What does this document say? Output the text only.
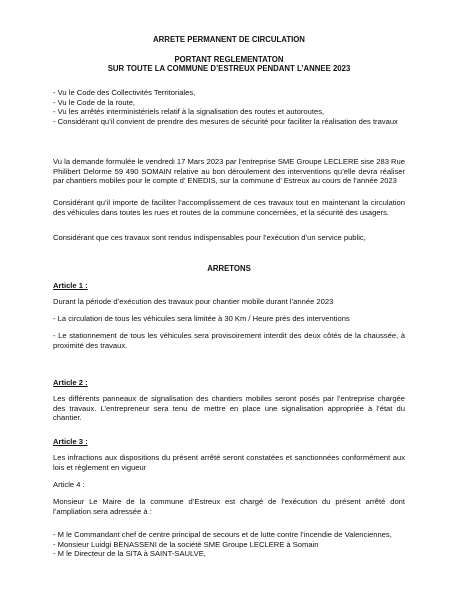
ARRETE PERMANENT DE CIRCULATION

PORTANT REGLEMENTATON

SUR TOUTE LA COMMUNE D’ESTREUX PENDANT L’ANNEE 2023

- Vu le Code des Collectivités Territoriales,

- Vu le Code de la route,

- Vu les arrêtés interministériels relatif à la signalisation des routes et autoroutes,

- Considérant qu’il convient de prendre des mesures de sécurité pour faciliter la réalisation des travaux

Vu la demande formulée le vendredi 17 Mars 2023 par l’entreprise SME Groupe LECLERE sise 283 Rue Philibert Delorme 59 490 SOMAIN relative au bon déroulement des interventions qu’elle devra réaliser par chantiers mobiles pour le compte d’ ENEDIS, sur la commune d’ Estreux au cours de l’année 2023

Considérant qu’il importe de faciliter l’accomplissement de ces travaux tout en maintenant la circulation des véhicules dans toutes les rues et routes de la commune concernées, et la sécurité des usagers.

Considérant que ces travaux sont rendus indispensables pour l’exécution d’un service public,

ARRETONS

Article 1 :

Durant la période d’exécution des travaux pour chantier mobile durant l’année 2023

- La circulation de tous les véhicules sera limitée à 30 Km / Heure près des interventions

- Le stationnement de tous les véhicules sera provisoirement interdit des deux côtés de la chaussée, à proximité des travaux.

Article 2 :

Les différents panneaux de signalisation des chantiers mobiles seront posés par l’entreprise chargée des travaux. L’entrepreneur sera tenu de mettre en place une signalisation appropriée à l’état du chantier.

Article 3 :

Les infractions aux dispositions du présent arrêté seront constatées et sanctionnées conformément aux lois et règlement en vigueur

Article 4 :

Monsieur Le Maire de la commune d’Estreux est chargé de l’exécution du présent arrêté dont l’ampliation sera adressée à :

- M le Commandant chef de centre principal de secours et de lutte contre l’incendie de Valenciennes,

- Monsieur Luidgi BENASSENI de la société SME Groupe LECLERE à Somain

- M le Directeur de la SITA à SAINT-SAULVE,
